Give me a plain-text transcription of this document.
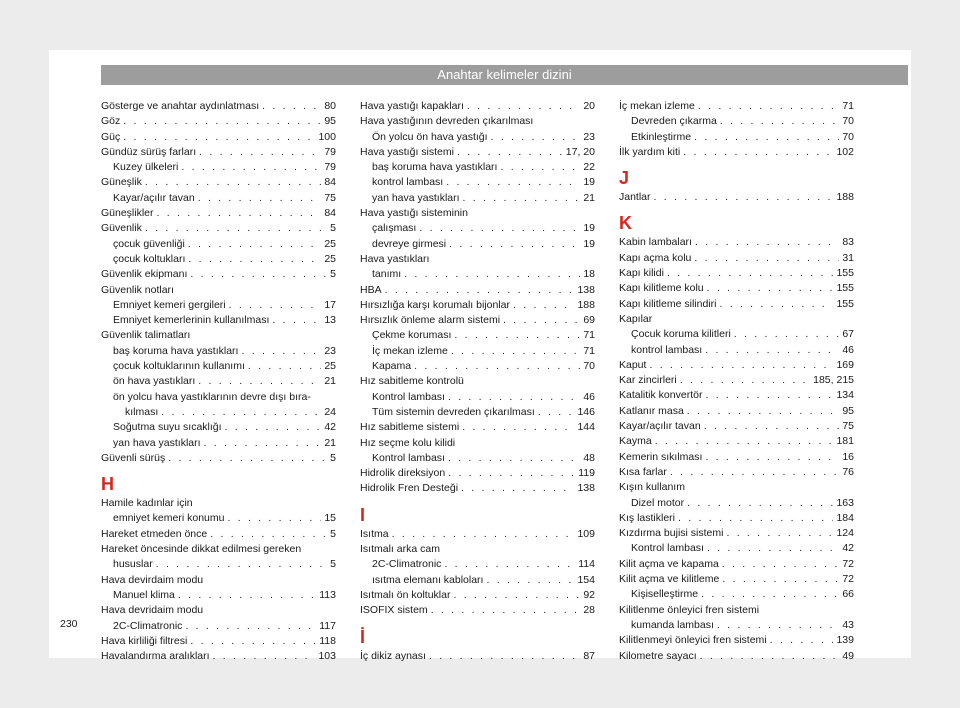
Anahtar kelimeler dizini
Gösterge ve anahtar aydınlatması . . .	80
Göz . . .	95
Güç . . .	100
Gündüz sürüş farları . . .	79
Kuzey ülkeleri . . .	79
Güneşlik . . .	84
Kayar/açılır tavan . . .	75
Güneşlikler . . .	84
Güvenlik . . .	5
çocuk güvenliği . . .	25
çocuk koltukları . . .	25
Güvenlik ekipmanı . . .	5
Güvenlik notları
Emniyet kemeri gergileri . . .	17
Emniyet kemerlerinin kullanılması . . .	13
Güvenlik talimatları
baş koruma hava yastıkları . . .	23
çocuk koltuklarının kullanımı . . .	25
ön hava yastıkları . . .	21
ön yolcu hava yastıklarının devre dışı bıra-
kılması . . .	24
Soğutma suyu sıcaklığı . . .	42
yan hava yastıkları . . .	21
Güvenli sürüş . . .	5
H
Hamile kadınlar için
emniyet kemeri konumu . . .	15
Hareket etmeden önce . . .	5
Hareket öncesinde dikkat edilmesi gereken
hususlar . . .	5
Hava devirdaim modu
Manuel klima . . .	113
Hava devridaim modu
2C-Climatronic . . .	117
Hava kirliliği filtresi . . .	118
Havalandırma aralıkları . . .	103
Hava yastığı kapakları . . .	20
Hava yastığının devreden çıkarılması
Ön yolcu ön hava yastığı . . .	23
Hava yastığı sistemi . . .	17, 20
baş koruma hava yastıkları . . .	22
kontrol lambası . . .	19
yan hava yastıkları . . .	21
Hava yastığı sisteminin
çalışması . . .	19
devreye girmesi . . .	19
Hava yastıkları
tanımı . . .	18
HBA . . .	138
Hırsızlığa karşı korumalı bijonlar . . .	188
Hırsızlık önleme alarm sistemi . . .	69
Çekme koruması . . .	71
İç mekan izleme . . .	71
Kapama . . .	70
Hız sabitleme kontrolü
Kontrol lambası . . .	46
Tüm sistemin devreden çıkarılması . . .	146
Hız sabitleme sistemi . . .	144
Hız seçme kolu kilidi
Kontrol lambası . . .	48
Hidrolik direksiyon . . .	119
Hidrolik Fren Desteği . . .	138
I
Isıtma . . .	109
Isıtmalı arka cam
2C-Climatronic . . .	114
ısıtma elemanı kabloları . . .	154
Isıtmalı ön koltuklar . . .	92
ISOFIX sistem . . .	28
İ
İç dikiz aynası . . .	87
İç mekan izleme . . .	71
Devreden çıkarma . . .	70
Etkinleştirme . . .	70
İlk yardım kiti . . .	102
J
Jantlar . . .	188
K
Kabin lambaları . . .	83
Kapı açma kolu . . .	31
Kapı kilidi . . .	155
Kapı kilitleme kolu . . .	155
Kapı kilitleme silindiri . . .	155
Kapılar
Çocuk koruma kilitleri . . .	67
kontrol lambası . . .	46
Kaput . . .	169
Kar zincirleri . . .	185, 215
Katalitik konvertör . . .	134
Katlanır masa . . .	95
Kayar/açılır tavan . . .	75
Kayma . . .	181
Kemerin sıkılması . . .	16
Kısa farlar . . .	76
Kışın kullanım
Dizel motor . . .	163
Kış lastikleri . . .	184
Kızdırma bujisi sistemi . . .	124
Kontrol lambası . . .	42
Kilit açma ve kapama . . .	72
Kilit açma ve kilitleme . . .	72
Kişiselleştirme . . .	66
Kilitlenme önleyici fren sistemi
kumanda lambası . . .	43
Kilitlenmeyi önleyici fren sistemi . . .	139
Kilometre sayacı . . .	49
230
